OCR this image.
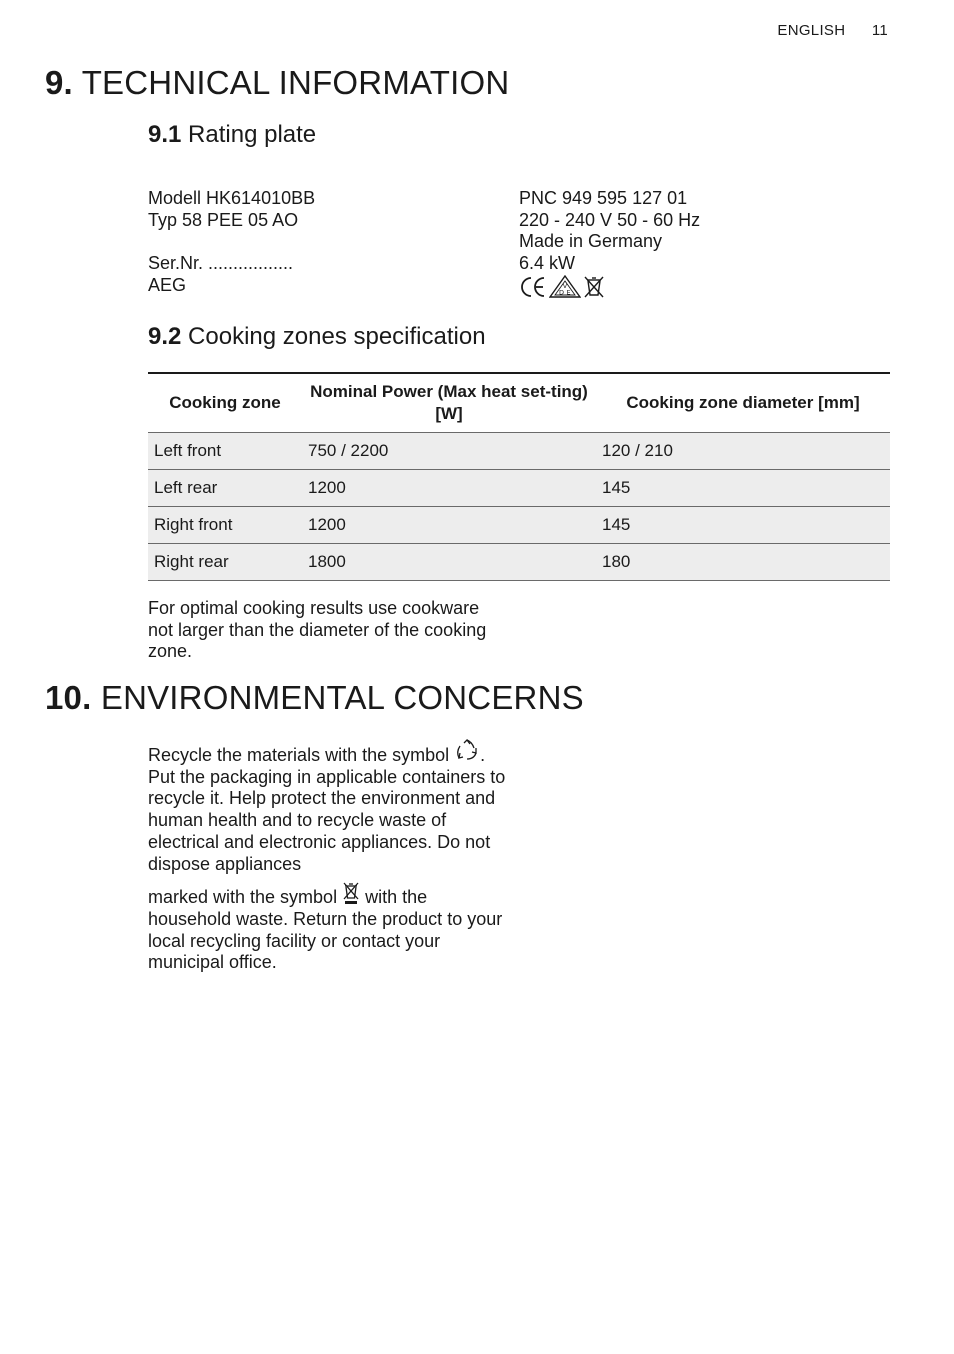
ENGLISH 11
9. TECHNICAL INFORMATION
9.1 Rating plate
Modell HK614010BB
Typ 58 PEE 05 AO
Ser.Nr. .................
AEG
PNC 949 595 127 01
220 - 240 V 50 - 60 Hz
Made in Germany
6.4 kW
V
D E
9.2 Cooking zones specification
Cooking zone	Nominal Power (Max heat set-ting) [W]	Cooking zone diameter [mm]
Left front	750 / 2200	120 / 210
Left rear	1200	145
Right front	1200	145
Right rear	1800	180
For optimal cooking results use cookware not larger than the diameter of the cooking zone.
10. ENVIRONMENTAL CONCERNS

Recycle the materials with the symbol . Put the packaging in applicable containers to recycle it. Help protect the environment and human health and to recycle waste of electrical and electronic appliances. Do not dispose appliances

marked with the symbol  with the household waste. Return the product to your local recycling facility or contact your municipal office.
